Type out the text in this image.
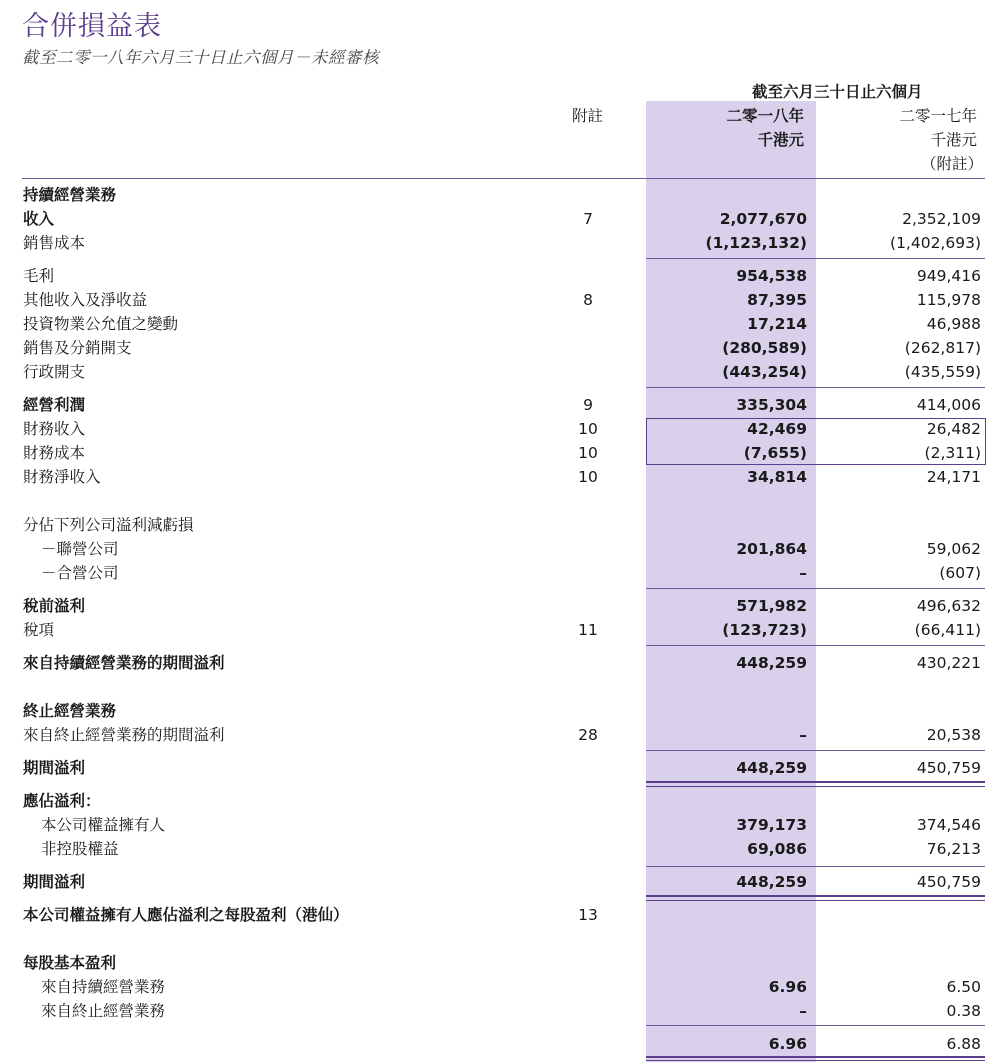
合併損益表
截至二零一八年六月三十日止六個月－未經審核
截至六月三十日止六個月
附註	二零一八年	二零一七年
千港元	千港元
（附註）
持續經營業務
收入	7	2,077,670	2,352,109
銷售成本	(1,123,132)	(1,402,693)
毛利	954,538	949,416
其他收入及淨收益	8	87,395	115,978
投資物業公允值之變動	17,214	46,988
銷售及分銷開支	(280,589)	(262,817)
行政開支	(443,254)	(435,559)
經營利潤	9	335,304	414,006
財務收入	10	42,469	26,482
財務成本	10	(7,655)	(2,311)
財務淨收入	10	34,814	24,171
分佔下列公司溢利減虧損
－聯營公司	201,864	59,062
－合營公司	–	(607)
稅前溢利	571,982	496,632
稅項	11	(123,723)	(66,411)
來自持續經營業務的期間溢利	448,259	430,221
終止經營業務
來自終止經營業務的期間溢利	28	–	20,538
期間溢利	448,259	450,759
應佔溢利：
本公司權益擁有人	379,173	374,546
非控股權益	69,086	76,213
期間溢利	448,259	450,759
本公司權益擁有人應佔溢利之每股盈利（港仙）	13
每股基本盈利
來自持續經營業務	6.96	6.50
來自終止經營業務	–	0.38
6.96	6.88
